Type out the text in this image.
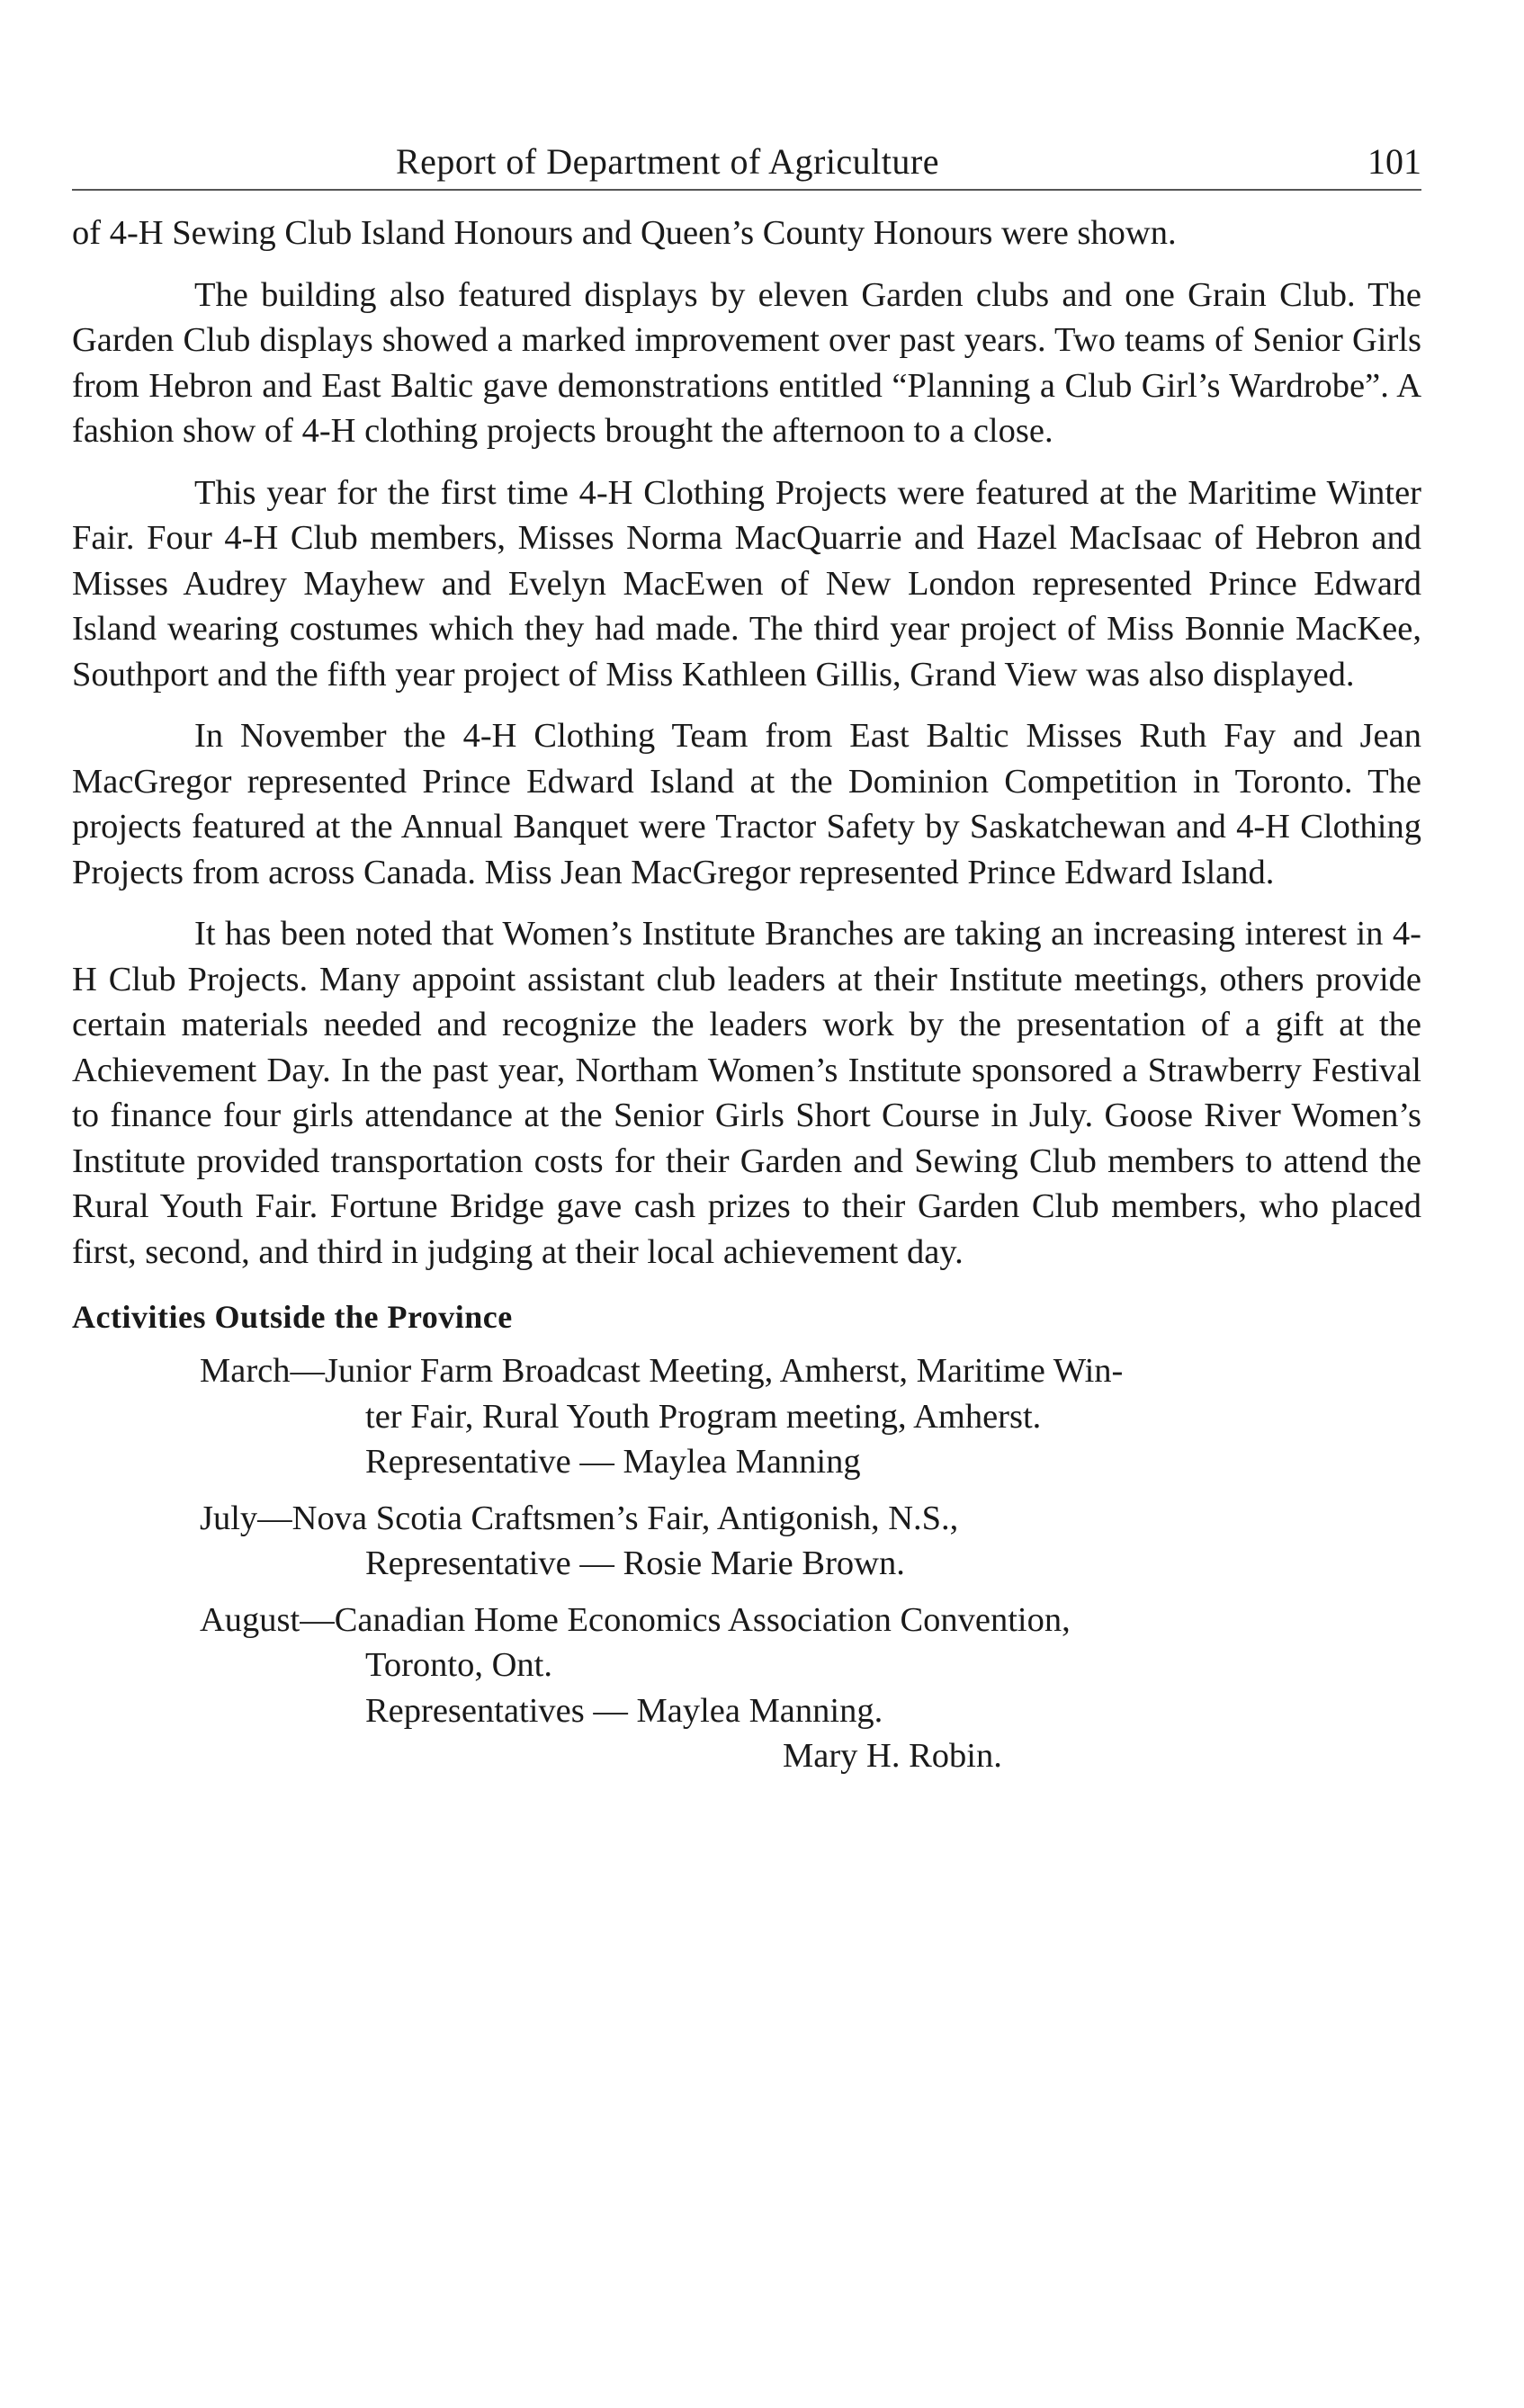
Report of Department of Agriculture	101

of 4-H Sewing Club Island Honours and Queen’s County Honours were shown.

The building also featured displays by eleven Garden clubs and one Grain Club. The Garden Club displays showed a marked improvement over past years. Two teams of Senior Girls from Hebron and East Baltic gave demonstrations entitled “Planning a Club Girl’s Wardrobe”. A fashion show of 4-H clothing projects brought the afternoon to a close.

This year for the first time 4-H Clothing Projects were featured at the Maritime Winter Fair. Four 4-H Club members, Misses Norma MacQuarrie and Hazel MacIsaac of Hebron and Misses Audrey Mayhew and Evelyn MacEwen of New London represented Prince Edward Island wearing costumes which they had made. The third year project of Miss Bonnie MacKee, Southport and the fifth year project of Miss Kathleen Gillis, Grand View was also displayed.

In November the 4-H Clothing Team from East Baltic Misses Ruth Fay and Jean MacGregor represented Prince Edward Island at the Dominion Competition in Toronto. The projects featured at the Annual Banquet were Tractor Safety by Saskatchewan and 4-H Clothing Projects from across Canada. Miss Jean MacGregor represented Prince Edward Island.

It has been noted that Women’s Institute Branches are taking an increasing interest in 4-H Club Projects. Many appoint assistant club leaders at their Institute meetings, others provide certain materials needed and recognize the leaders work by the presentation of a gift at the Achievement Day. In the past year, Northam Women’s Institute sponsored a Strawberry Festival to finance four girls attendance at the Senior Girls Short Course in July. Goose River Women’s Institute provided transportation costs for their Garden and Sewing Club members to attend the Rural Youth Fair. Fortune Bridge gave cash prizes to their Garden Club members, who placed first, second, and third in judging at their local achievement day.

Activities Outside the Province
March—Junior Farm Broadcast Meeting, Amherst, Maritime Win-
ter Fair, Rural Youth Program meeting, Amherst.
Representative — Maylea Manning
July—Nova Scotia Craftsmen’s Fair, Antigonish, N.S.,
Representative — Rosie Marie Brown.
August—Canadian Home Economics Association Convention,
Toronto, Ont.
Representatives — Maylea Manning.
Mary H. Robin.
